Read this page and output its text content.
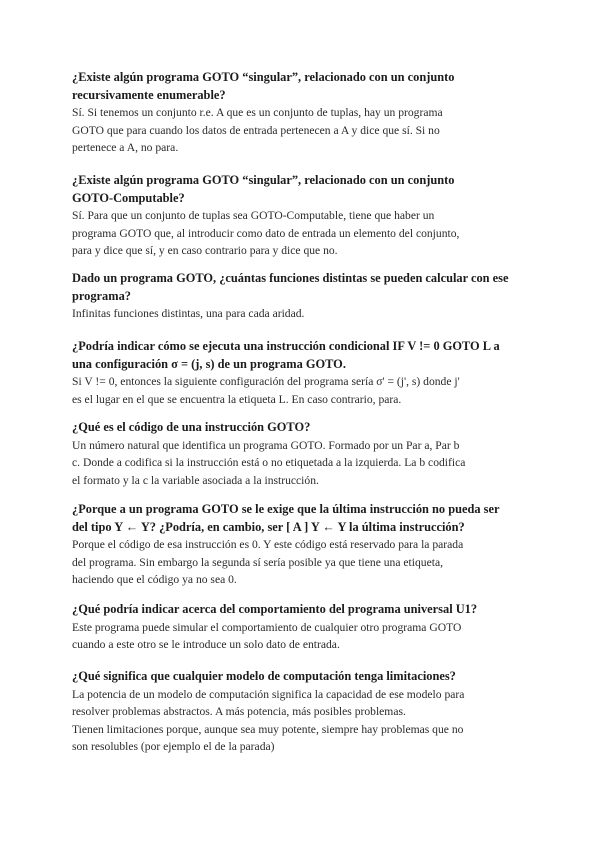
¿Existe algún programa GOTO “singular”, relacionado con un conjunto
recursivamente enumerable?

Sí. Si tenemos un conjunto r.e. A que es un conjunto de tuplas, hay un programa
GOTO que para cuando los datos de entrada pertenecen a A y dice que sí. Si no
pertenece a A, no para.

¿Existe algún programa GOTO “singular”, relacionado con un conjunto
GOTO-Computable?

Sí. Para que un conjunto de tuplas sea GOTO-Computable, tiene que haber un
programa GOTO que, al introducir como dato de entrada un elemento del conjunto,
para y dice que sí, y en caso contrario para y dice que no.

Dado un programa GOTO, ¿cuántas funciones distintas se pueden calcular con ese
programa?

Infinitas funciones distintas, una para cada aridad.

¿Podría indicar cómo se ejecuta una instrucción condicional IF V != 0 GOTO L a
una configuración σ = (j, s) de un programa GOTO.

Si V != 0, entonces la siguiente configuración del programa sería σ' = (j', s) donde j'
es el lugar en el que se encuentra la etiqueta L. En caso contrario, para.

¿Qué es el código de una instrucción GOTO?

Un número natural que identifica un programa GOTO. Formado por un Par a, Par b
c. Donde a codifica si la instrucción está o no etiquetada a la izquierda. La b codifica
el formato y la c la variable asociada a la instrucción.

¿Porque a un programa GOTO se le exige que la última instrucción no pueda ser
del tipo Y ← Y? ¿Podría, en cambio, ser [ A ] Y ← Y la última instrucción?

Porque el código de esa instrucción es 0. Y este código está reservado para la parada
del programa. Sin embargo la segunda sí sería posible ya que tiene una etiqueta,
haciendo que el código ya no sea 0.

¿Qué podría indicar acerca del comportamiento del programa universal U1?

Este programa puede simular el comportamiento de cualquier otro programa GOTO
cuando a este otro se le introduce un solo dato de entrada.

¿Qué significa que cualquier modelo de computación tenga limitaciones?

La potencia de un modelo de computación significa la capacidad de ese modelo para
resolver problemas abstractos. A más potencia, más posibles problemas.
Tienen limitaciones porque, aunque sea muy potente, siempre hay problemas que no
son resolubles (por ejemplo el de la parada)
